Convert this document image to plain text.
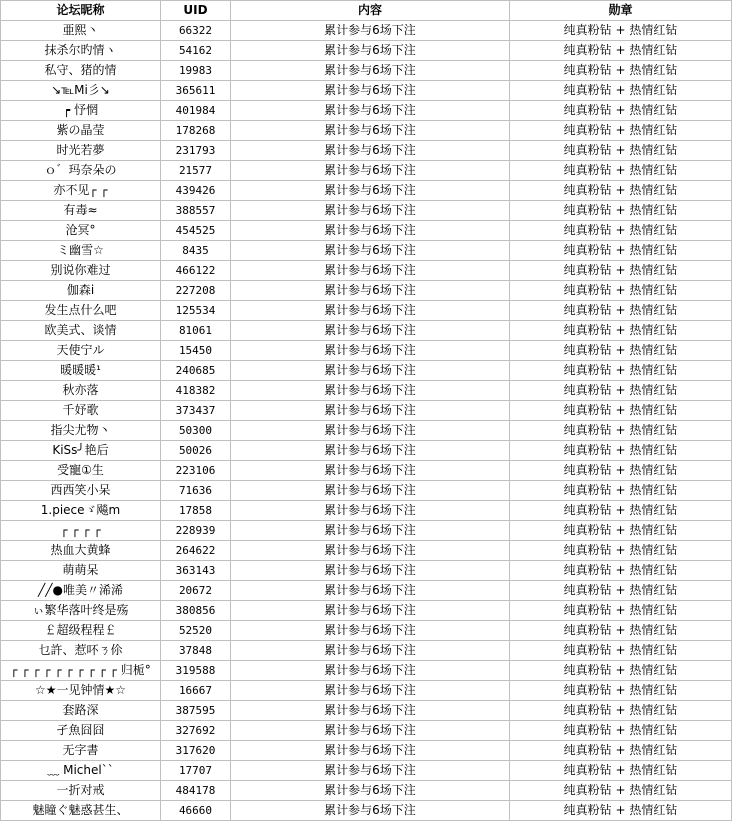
论坛昵称	UID	内容	勋章
亜熙丶	66322	累计参与6场下注	纯真粉钻 + 热情红钻
抹杀尔旳情ヽ	54162	累计参与6场下注	纯真粉钻 + 热情红钻
私守、猪的情	19983	累计参与6场下注	纯真粉钻 + 热情红钻
↘℡Mi彡↘	365611	累计参与6场下注	纯真粉钻 + 热情红钻
┍ 忬惘	401984	累计参与6场下注	纯真粉钻 + 热情红钻
紫の晶莹	178268	累计参与6场下注	纯真粉钻 + 热情红钻
时光若夢	231793	累计参与6场下注	纯真粉钻 + 热情红钻
ｏ゛玛奈朵の	21577	累计参与6场下注	纯真粉钻 + 热情红钻
亦不见┌ ┌	439426	累计参与6场下注	纯真粉钻 + 热情红钻
有毒≈	388557	累计参与6场下注	纯真粉钻 + 热情红钻
沧冥°	454525	累计参与6场下注	纯真粉钻 + 热情红钻
ミ幽雪☆	8435	累计参与6场下注	纯真粉钻 + 热情红钻
别说你难过	466122	累计参与6场下注	纯真粉钻 + 热情红钻
伽森i	227208	累计参与6场下注	纯真粉钻 + 热情红钻
发生点什么吧	125534	累计参与6场下注	纯真粉钻 + 热情红钻
欧美式、谈情	81061	累计参与6场下注	纯真粉钻 + 热情红钻
天使宁ル	15450	累计参与6场下注	纯真粉钻 + 热情红钻
暖暖暖¹	240685	累计参与6场下注	纯真粉钻 + 热情红钻
秋亦落	418382	累计参与6场下注	纯真粉钻 + 热情红钻
千妤歌	373437	累计参与6场下注	纯真粉钻 + 热情红钻
指尖尤物丶	50300	累计参与6场下注	纯真粉钻 + 热情红钻
KiSs╯艳后	50026	累计参与6场下注	纯真粉钻 + 热情红钻
受寵①生	223106	累计参与6场下注	纯真粉钻 + 热情红钻
西西笑小呆	71636	累计参与6场下注	纯真粉钻 + 热情红钻
1.pieceゞ飚m	17858	累计参与6场下注	纯真粉钻 + 热情红钻
┌ ┌ ┌ ┌	228939	累计参与6场下注	纯真粉钻 + 热情红钻
热血大黄蜂	264622	累计参与6场下注	纯真粉钻 + 热情红钻
萌萌呆	363143	累计参与6场下注	纯真粉钻 + 热情红钻
╱╱●唯美〃浠浠	20672	累计参与6场下注	纯真粉钻 + 热情红钻
ぃ繁华落叶终是殇	380856	累计参与6场下注	纯真粉钻 + 热情红钻
￡超级程程￡	52520	累计参与6场下注	纯真粉钻 + 热情红钻
乜許、惹吥ㄋ伱	37848	累计参与6场下注	纯真粉钻 + 热情红钻
┌ ┌ ┌ ┌ ┌ ┌ ┌ ┌ ┌ ┌ 归栀°	319588	累计参与6场下注	纯真粉钻 + 热情红钻
☆★一见钟情★☆	16667	累计参与6场下注	纯真粉钻 + 热情红钻
套路深	387595	累计参与6场下注	纯真粉钻 + 热情红钻
孑魚囧囧	327692	累计参与6场下注	纯真粉钻 + 热情红钻
无字書	317620	累计参与6场下注	纯真粉钻 + 热情红钻
﹏ Michel``	17707	累计参与6场下注	纯真粉钻 + 热情红钻
一折对戒	484178	累计参与6场下注	纯真粉钻 + 热情红钻
魅瞳ぐ魅惑甚生、	46660	累计参与6场下注	纯真粉钻 + 热情红钻
